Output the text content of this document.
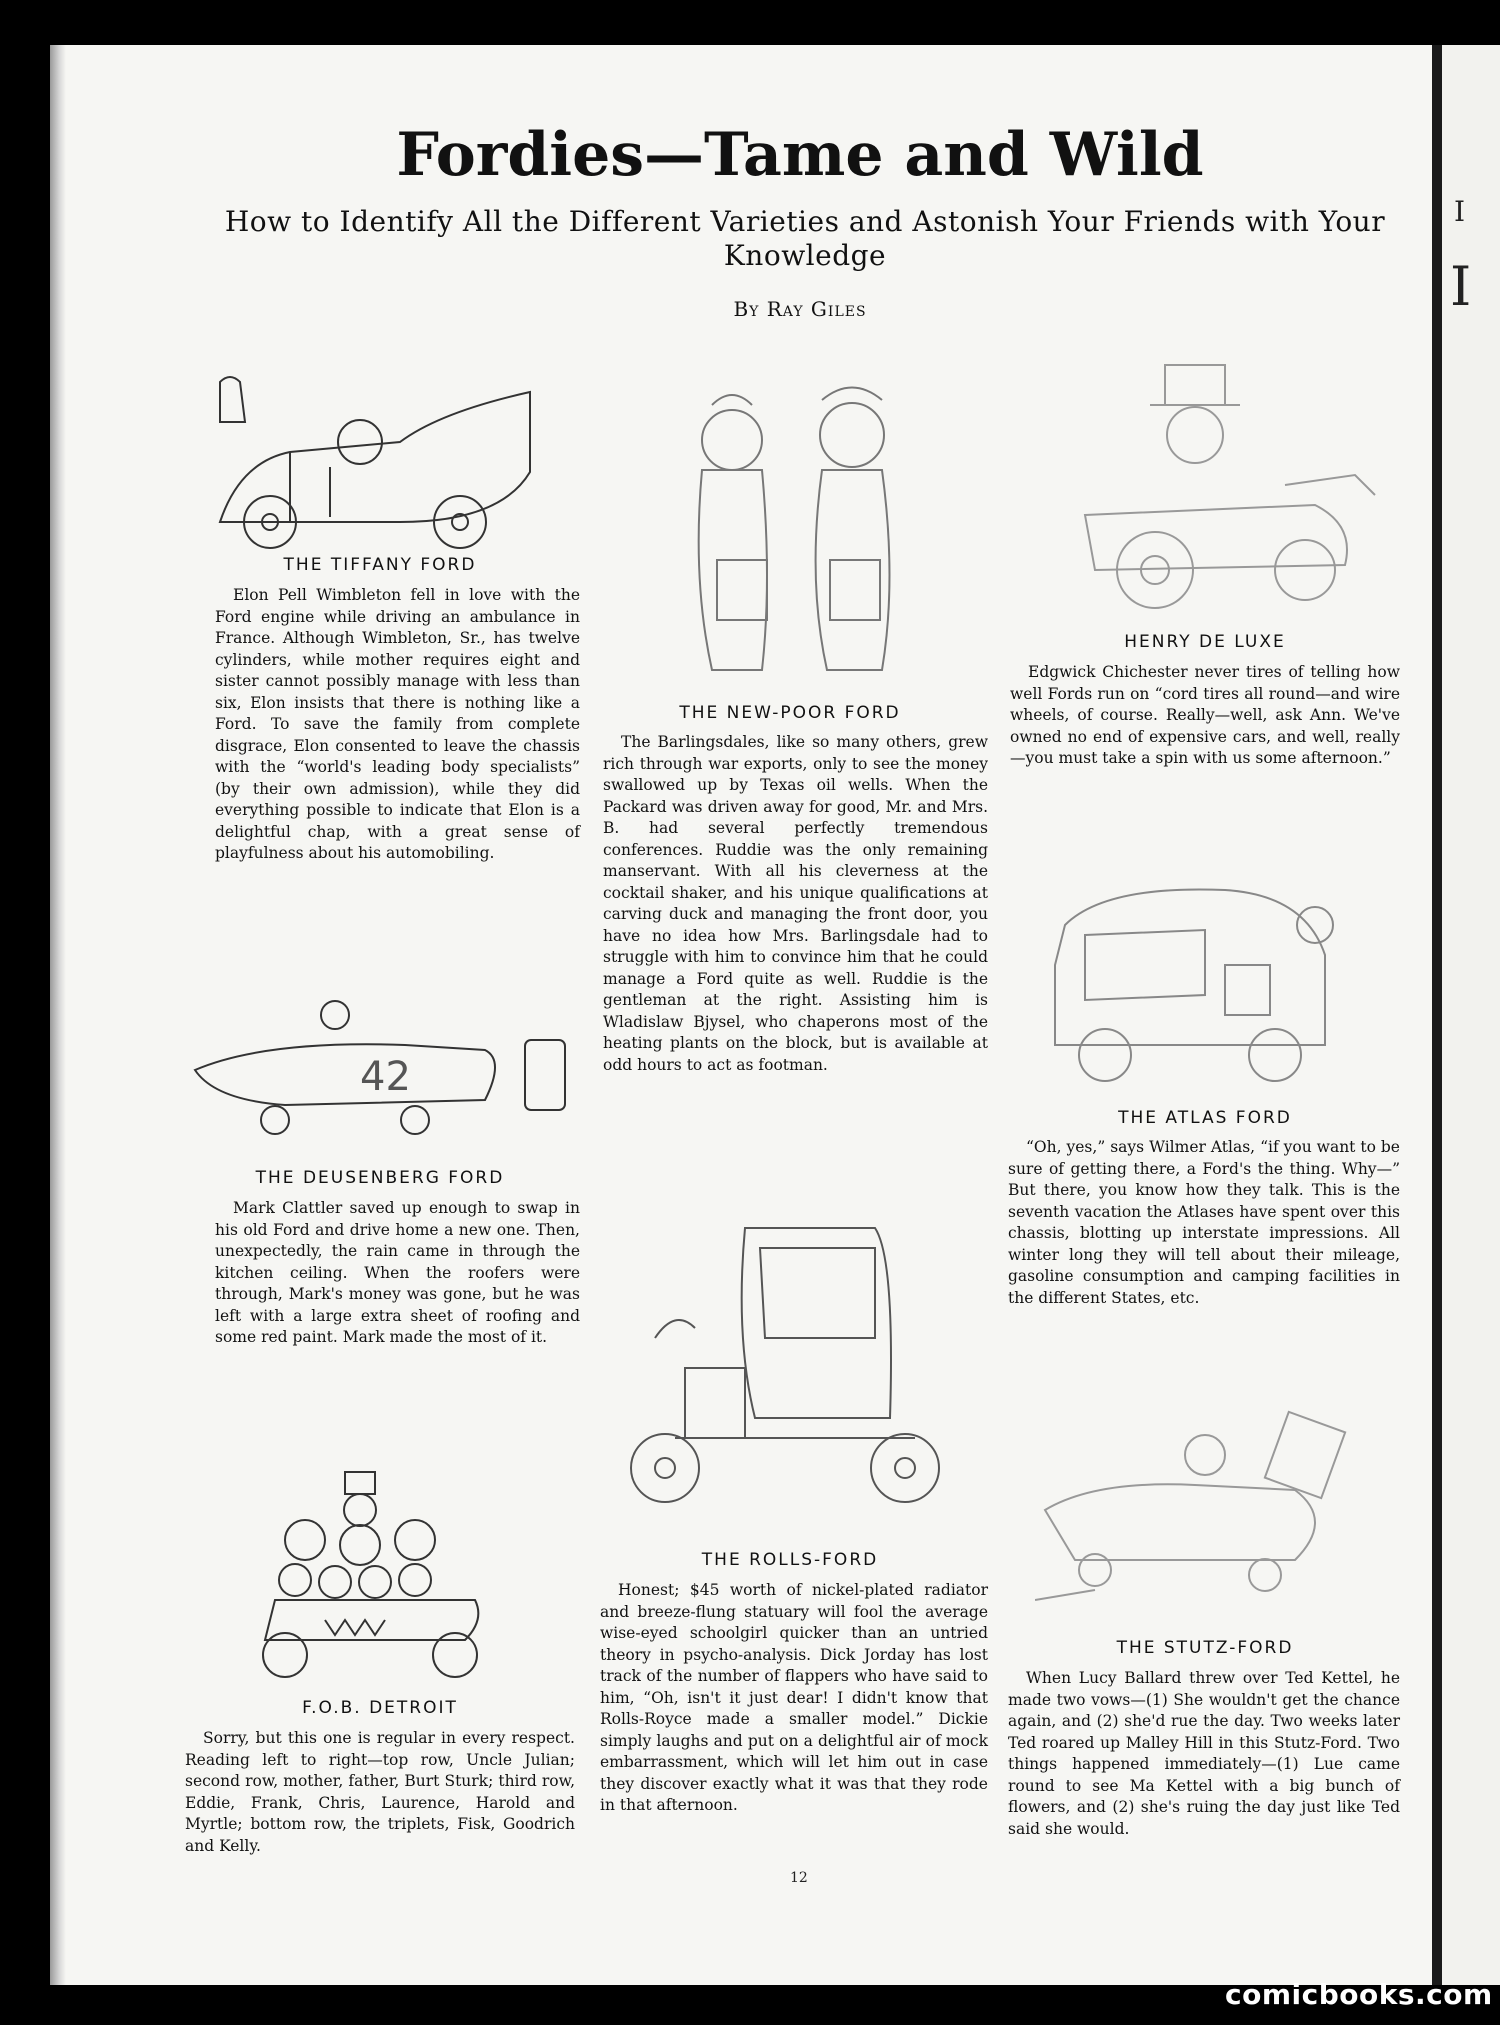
I
I
Fordies—Tame and Wild
How to Identify All the Different Varieties and Astonish Your Friends with Your Knowledge
By Ray Giles
THE TIFFANY FORD

Elon Pell Wimbleton fell in love with the Ford engine while driving an ambulance in France. Although Wimbleton, Sr., has twelve cylinders, while mother requires eight and sister cannot possibly manage with less than six, Elon insists that there is nothing like a Ford. To save the family from complete disgrace, Elon consented to leave the chassis with the “world's leading body specialists” (by their own admission), while they did everything possible to indicate that Elon is a delightful chap, with a great sense of playfulness about his automobiling.

42
THE DEUSENBERG FORD

Mark Clattler saved up enough to swap in his old Ford and drive home a new one. Then, unexpectedly, the rain came in through the kitchen ceiling. When the roofers were through, Mark's money was gone, but he was left with a large extra sheet of roofing and some red paint. Mark made the most of it.

F.O.B. DETROIT

Sorry, but this one is regular in every respect. Reading left to right—top row, Uncle Julian; second row, mother, father, Burt Sturk; third row, Eddie, Frank, Chris, Laurence, Harold and Myrtle; bottom row, the triplets, Fisk, Goodrich and Kelly.

THE NEW-POOR FORD

The Barlingsdales, like so many others, grew rich through war exports, only to see the money swallowed up by Texas oil wells. When the Packard was driven away for good, Mr. and Mrs. B. had several perfectly tremendous conferences. Ruddie was the only remaining manservant. With all his cleverness at the cocktail shaker, and his unique qualifications at carving duck and managing the front door, you have no idea how Mrs. Barlingsdale had to struggle with him to convince him that he could manage a Ford quite as well. Ruddie is the gentleman at the right. Assisting him is Wladislaw Bjysel, who chaperons most of the heating plants on the block, but is available at odd hours to act as footman.

THE ROLLS-FORD

Honest; $45 worth of nickel-plated radiator and breeze-flung statuary will fool the average wise-eyed schoolgirl quicker than an untried theory in psycho-analysis. Dick Jorday has lost track of the number of flappers who have said to him, “Oh, isn't it just dear! I didn't know that Rolls-Royce made a smaller model.” Dickie simply laughs and put on a delightful air of mock embarrassment, which will let him out in case they discover exactly what it was that they rode in that afternoon.

HENRY DE LUXE

Edgwick Chichester never tires of telling how well Fords run on “cord tires all round—and wire wheels, of course. Really—well, ask Ann. We've owned no end of expensive cars, and well, really—you must take a spin with us some afternoon.”

THE ATLAS FORD

“Oh, yes,” says Wilmer Atlas, “if you want to be sure of getting there, a Ford's the thing. Why—” But there, you know how they talk. This is the seventh vacation the Atlases have spent over this chassis, blotting up interstate impressions. All winter long they will tell about their mileage, gasoline consumption and camping facilities in the different States, etc.

THE STUTZ-FORD

When Lucy Ballard threw over Ted Kettel, he made two vows—(1) She wouldn't get the chance again, and (2) she'd rue the day. Two weeks later Ted roared up Malley Hill in this Stutz-Ford. Two things happened immediately—(1) Lue came round to see Ma Kettel with a big bunch of flowers, and (2) she's ruing the day just like Ted said she would.

12
comicbooks.com
